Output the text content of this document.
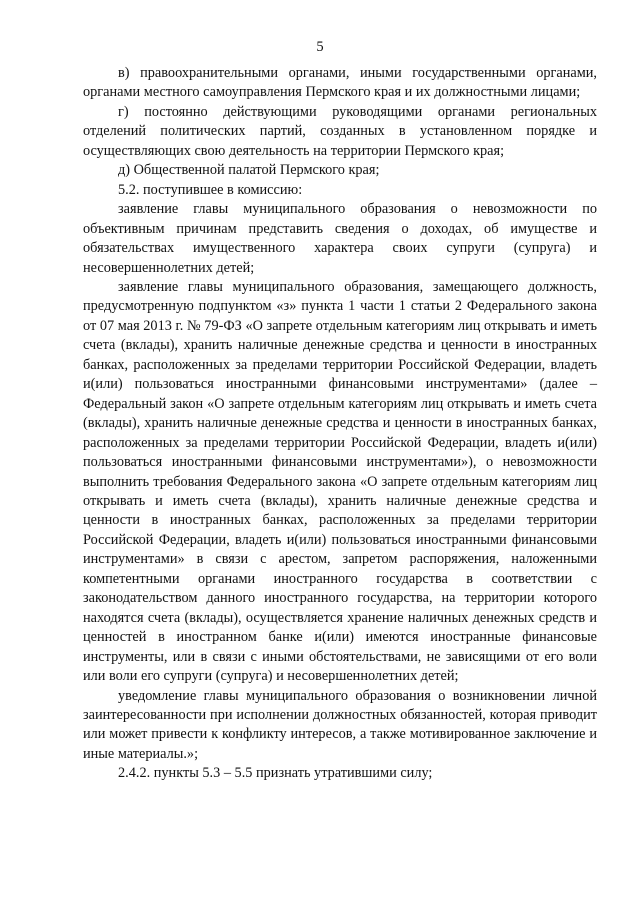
5

в) правоохранительными органами, иными государственными органами, органами местного самоуправления Пермского края и их должностными лицами;

г) постоянно действующими руководящими органами региональных отделений политических партий, созданных в установленном порядке и осуществляющих свою деятельность на территории Пермского края;

д) Общественной палатой Пермского края;

5.2. поступившее в комиссию:

заявление главы муниципального образования о невозможности по объективным причинам представить сведения о доходах, об имуществе и обязательствах имущественного характера своих супруги (супруга) и несовершеннолетних детей;

заявление главы муниципального образования, замещающего должность, предусмотренную подпунктом «з» пункта 1 части 1 статьи 2 Федерального закона от 07 мая 2013 г. № 79-ФЗ «О запрете отдельным категориям лиц открывать и иметь счета (вклады), хранить наличные денежные средства и ценности в иностранных банках, расположенных за пределами территории Российской Федерации, владеть и(или) пользоваться иностранными финансовыми инструментами» (далее – Федеральный закон «О запрете отдельным категориям лиц открывать и иметь счета (вклады), хранить наличные денежные средства и ценности в иностранных банках, расположенных за пределами территории Российской Федерации, владеть и(или) пользоваться иностранными финансовыми инструментами»), о невозможности выполнить требования Федерального закона «О запрете отдельным категориям лиц открывать и иметь счета (вклады), хранить наличные денежные средства и ценности в иностранных банках, расположенных за пределами территории Российской Федерации, владеть и(или) пользоваться иностранными финансовыми инструментами» в связи с арестом, запретом распоряжения, наложенными компетентными органами иностранного государства в соответствии с законодательством данного иностранного государства, на территории которого находятся счета (вклады), осуществляется хранение наличных денежных средств и ценностей в иностранном банке и(или) имеются иностранные финансовые инструменты, или в связи с иными обстоятельствами, не зависящими от его воли или воли его супруги (супруга) и несовершеннолетних детей;

уведомление главы муниципального образования о возникновении личной заинтересованности при исполнении должностных обязанностей, которая приводит или может привести к конфликту интересов, а также мотивированное заключение и иные материалы.»;

2.4.2. пункты 5.3 – 5.5 признать утратившими силу;
